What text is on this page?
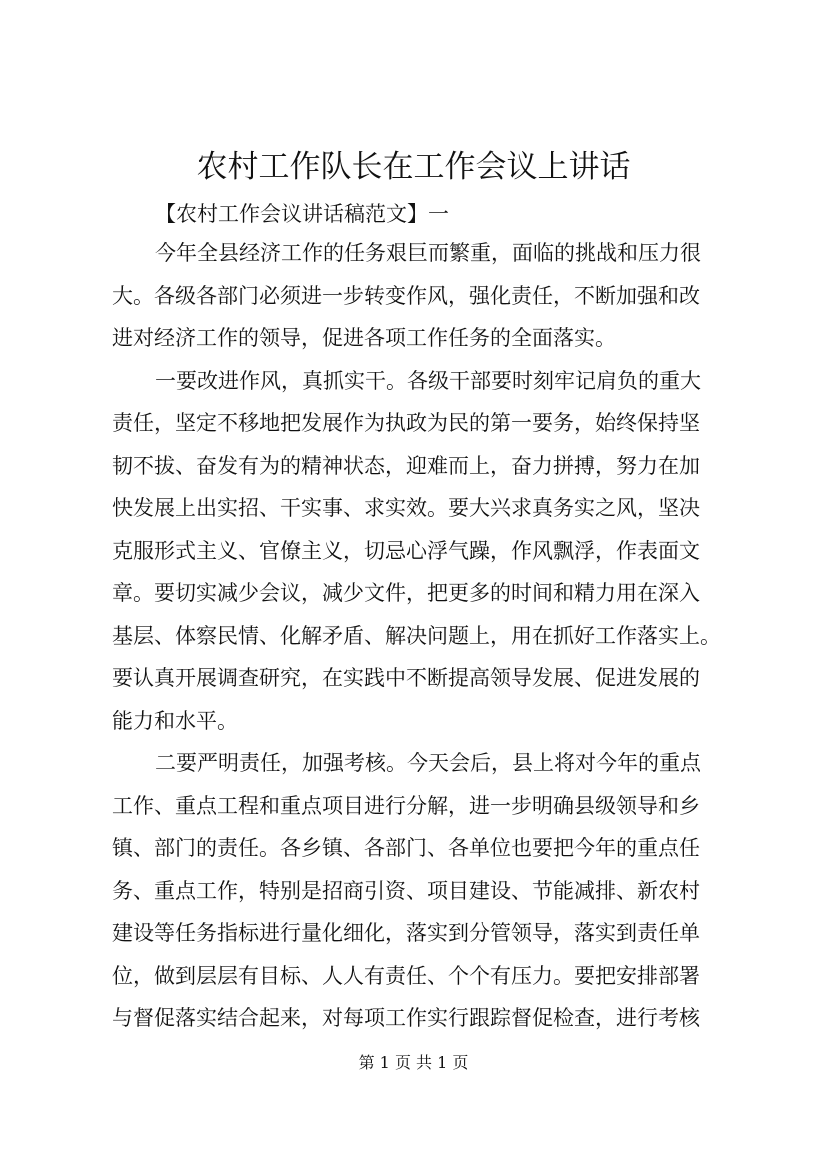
农村工作队长在工作会议上讲话

【农村工作会议讲话稿范文】一

今年全县经济工作的任务艰巨而繁重，面临的挑战和压力很

大。各级各部门必须进一步转变作风，强化责任，不断加强和改

进对经济工作的领导，促进各项工作任务的全面落实。

一要改进作风，真抓实干。各级干部要时刻牢记肩负的重大

责任，坚定不移地把发展作为执政为民的第一要务，始终保持坚

韧不拔、奋发有为的精神状态，迎难而上，奋力拼搏，努力在加

快发展上出实招、干实事、求实效。要大兴求真务实之风，坚决

克服形式主义、官僚主义，切忌心浮气躁，作风飘浮，作表面文

章。要切实减少会议，减少文件，把更多的时间和精力用在深入

基层、体察民情、化解矛盾、解决问题上，用在抓好工作落实上。

要认真开展调查研究，在实践中不断提高领导发展、促进发展的

能力和水平。

二要严明责任，加强考核。今天会后，县上将对今年的重点

工作、重点工程和重点项目进行分解，进一步明确县级领导和乡

镇、部门的责任。各乡镇、各部门、各单位也要把今年的重点任

务、重点工作，特别是招商引资、项目建设、节能减排、新农村

建设等任务指标进行量化细化，落实到分管领导，落实到责任单

位，做到层层有目标、人人有责任、个个有压力。要把安排部署

与督促落实结合起来，对每项工作实行跟踪督促检查，进行考核

第 1 页 共 1 页
